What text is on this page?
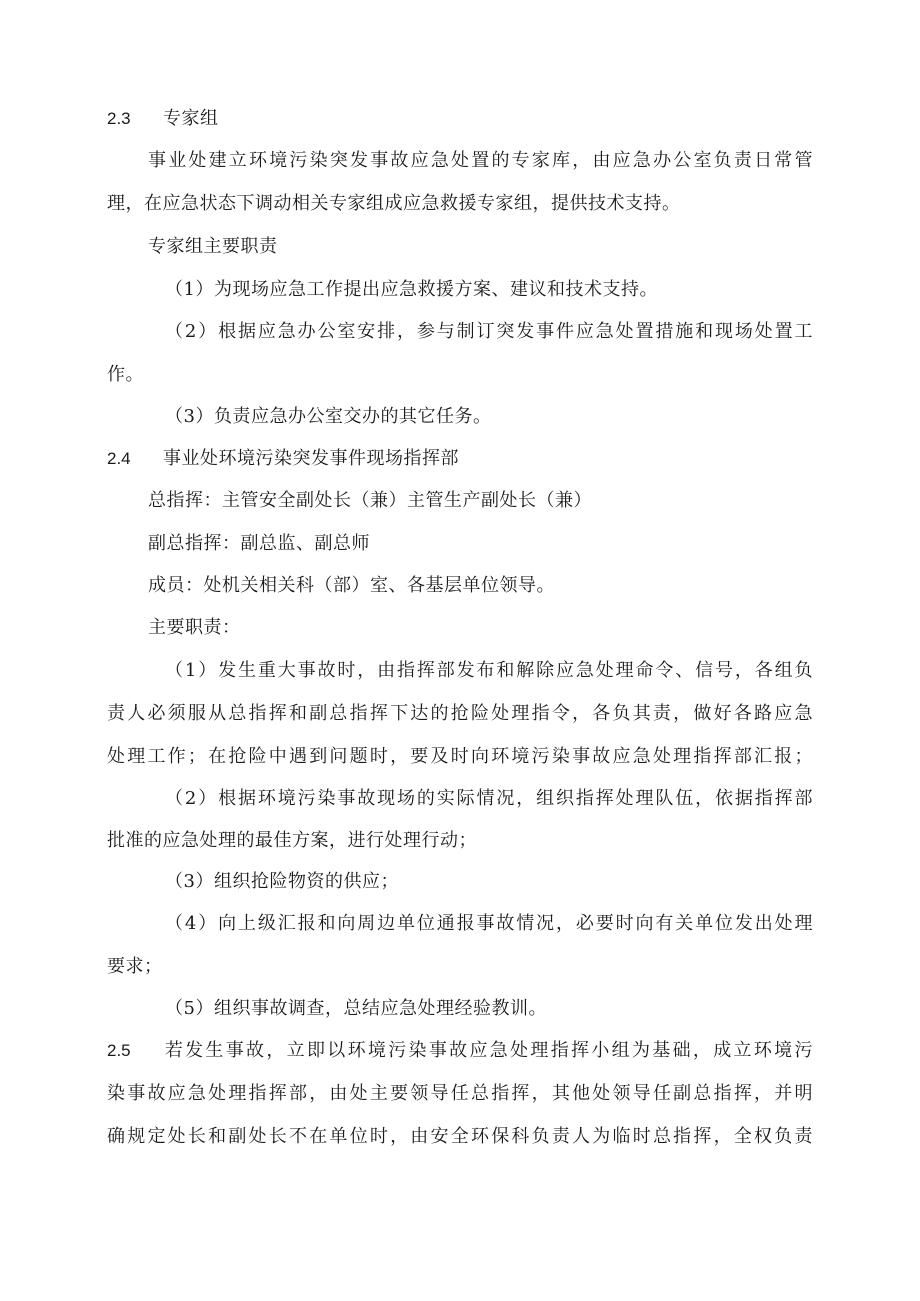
2.3 专家组
事业处建立环境污染突发事故应急处置的专家库，由应急办公室负责日常管
理，在应急状态下调动相关专家组成应急救援专家组，提供技术支持。
专家组主要职责
（1）为现场应急工作提出应急救援方案、建议和技术支持。
（2）根据应急办公室安排，参与制订突发事件应急处置措施和现场处置工
作。
（3）负责应急办公室交办的其它任务。
2.4 事业处环境污染突发事件现场指挥部
总指挥：主管安全副处长（兼）主管生产副处长（兼）
副总指挥：副总监、副总师
成员：处机关相关科（部）室、各基层单位领导。
主要职责：
（1）发生重大事故时，由指挥部发布和解除应急处理命令、信号，各组负
责人必须服从总指挥和副总指挥下达的抢险处理指令，各负其责，做好各路应急
处理工作；在抢险中遇到问题时，要及时向环境污染事故应急处理指挥部汇报；
（2）根据环境污染事故现场的实际情况，组织指挥处理队伍，依据指挥部
批准的应急处理的最佳方案，进行处理行动；
（3）组织抢险物资的供应；
（4）向上级汇报和向周边单位通报事故情况，必要时向有关单位发出处理
要求；
（5）组织事故调查，总结应急处理经验教训。
2.5 若发生事故，立即以环境污染事故应急处理指挥小组为基础，成立环境污
染事故应急处理指挥部，由处主要领导任总指挥，其他处领导任副总指挥，并明
确规定处长和副处长不在单位时，由安全环保科负责人为临时总指挥，全权负责
